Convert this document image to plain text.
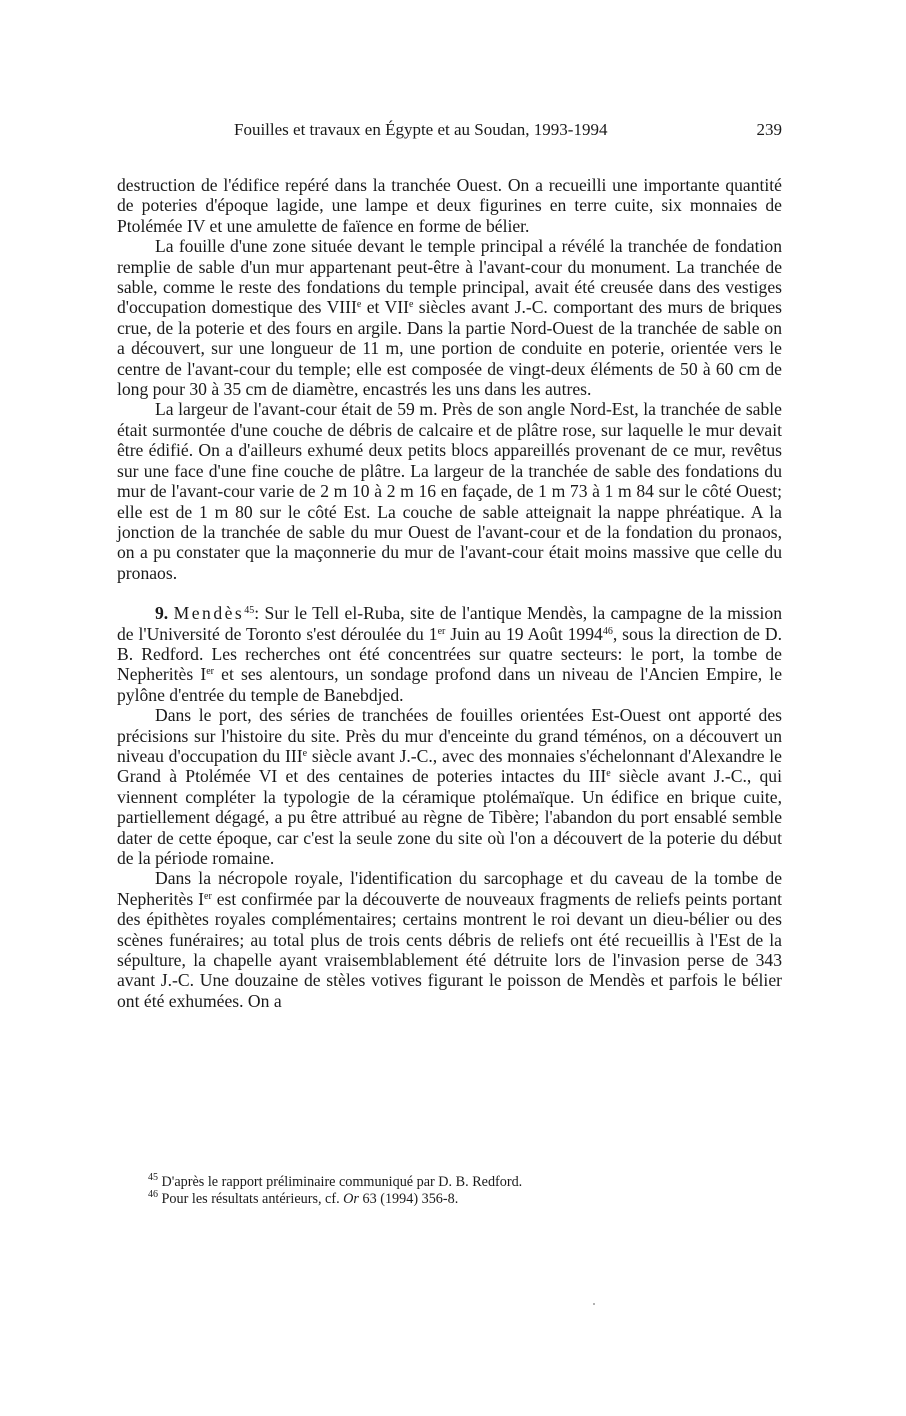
Fouilles et travaux en Égypte et au Soudan, 1993-1994	239

destruction de l'édifice repéré dans la tranchée Ouest. On a recueilli une importante quantité de poteries d'époque lagide, une lampe et deux figurines en terre cuite, six monnaies de Ptolémée IV et une amulette de faïence en forme de bélier.

La fouille d'une zone située devant le temple principal a révélé la tranchée de fondation remplie de sable d'un mur appartenant peut-être à l'avant-cour du monument. La tranchée de sable, comme le reste des fondations du temple principal, avait été creusée dans des vestiges d'occupation domestique des VIIIe et VIIe siècles avant J.-C. comportant des murs de briques crue, de la poterie et des fours en argile. Dans la partie Nord-Ouest de la tranchée de sable on a découvert, sur une longueur de 11 m, une portion de conduite en poterie, orientée vers le centre de l'avant-cour du temple; elle est composée de vingt-deux éléments de 50 à 60 cm de long pour 30 à 35 cm de diamètre, encastrés les uns dans les autres.

La largeur de l'avant-cour était de 59 m. Près de son angle Nord-Est, la tranchée de sable était surmontée d'une couche de débris de calcaire et de plâtre rose, sur laquelle le mur devait être édifié. On a d'ailleurs exhumé deux petits blocs appareillés provenant de ce mur, revêtus sur une face d'une fine couche de plâtre. La largeur de la tranchée de sable des fondations du mur de l'avant-cour varie de 2 m 10 à 2 m 16 en façade, de 1 m 73 à 1 m 84 sur le côté Ouest; elle est de 1 m 80 sur le côté Est. La couche de sable atteignait la nappe phréatique. A la jonction de la tranchée de sable du mur Ouest de l'avant-cour et de la fondation du pronaos, on a pu constater que la maçonnerie du mur de l'avant-cour était moins massive que celle du pronaos.

9. Mendès$^{45}$: Sur le Tell el-Ruba, site de l'antique Mendès, la campagne de la mission de l'Université de Toronto s'est déroulée du 1er Juin au 19 Août 1994$^{46}$, sous la direction de D. B. Redford. Les recherches ont été concentrées sur quatre secteurs: le port, la tombe de Nepheritès Ier et ses alentours, un sondage profond dans un niveau de l'Ancien Empire, le pylône d'entrée du temple de Banebdjed.

Dans le port, des séries de tranchées de fouilles orientées Est-Ouest ont apporté des précisions sur l'histoire du site. Près du mur d'enceinte du grand téménos, on a découvert un niveau d'occupation du IIIe siècle avant J.-C., avec des monnaies s'échelonnant d'Alexandre le Grand à Ptolémée VI et des centaines de poteries intactes du IIIe siècle avant J.-C., qui viennent compléter la typologie de la céramique ptolémaïque. Un édifice en brique cuite, partiellement dégagé, a pu être attribué au règne de Tibère; l'abandon du port ensablé semble dater de cette époque, car c'est la seule zone du site où l'on a découvert de la poterie du début de la période romaine.

Dans la nécropole royale, l'identification du sarcophage et du caveau de la tombe de Nepheritès Ier est confirmée par la découverte de nouveaux fragments de reliefs peints portant des épithètes royales complémentaires; certains montrent le roi devant un dieu-bélier ou des scènes funéraires; au total plus de trois cents débris de reliefs ont été recueillis à l'Est de la sépulture, la chapelle ayant vraisemblablement été détruite lors de l'invasion perse de 343 avant J.-C. Une douzaine de stèles votives figurant le poisson de Mendès et parfois le bélier ont été exhumées. On a

$^{45}$ D'après le rapport préliminaire communiqué par D. B. Redford.
$^{46}$ Pour les résultats antérieurs, cf. Or 63 (1994) 356-8.
